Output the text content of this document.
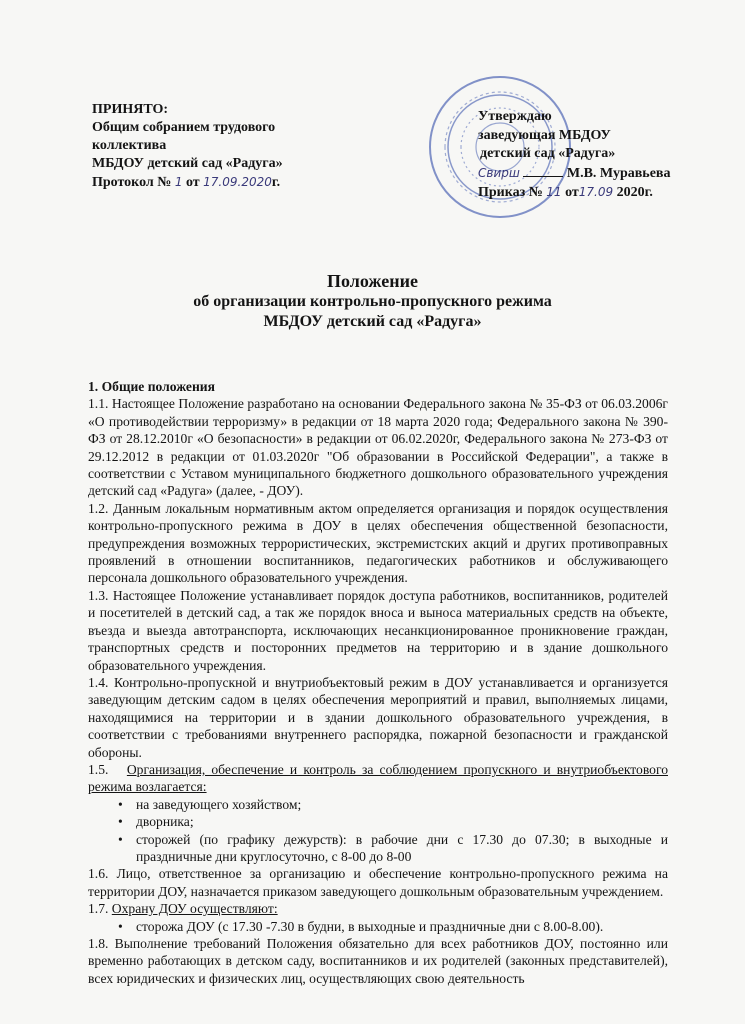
ПРИНЯТО:
Общим собранием трудового
коллектива
МБДОУ детский сад «Радуга»
Протокол № 1 от 17.09.2020г.
Утверждаю
заведующая МБДОУ
детский сад «Радуга»
Свирш	М.В. Муравьева
Приказ № 11 от17.09 2020г.
Положение
об организации контрольно-пропускного режима
МБДОУ детский сад «Радуга»

1. Общие положения

1.1. Настоящее Положение разработано на основании Федерального закона № 35-ФЗ от 06.03.2006г «О противодействии терроризму» в редакции от 18 марта 2020 года; Федерального закона № 390-ФЗ от 28.12.2010г «О безопасности» в редакции от 06.02.2020г, Федерального закона № 273-ФЗ от 29.12.2012 в редакции от 01.03.2020г "Об образовании в Российской Федерации", а также в соответствии с Уставом муниципального бюджетного дошкольного образовательного учреждения детский сад «Радуга» (далее, - ДОУ).

1.2. Данным локальным нормативным актом определяется организация и порядок осуществления контрольно-пропускного режима в ДОУ в целях обеспечения общественной безопасности, предупреждения возможных террористических, экстремистских акций и других противоправных проявлений в отношении воспитанников, педагогических работников и обслуживающего персонала дошкольного образовательного учреждения.

1.3. Настоящее Положение устанавливает порядок доступа работников, воспитанников, родителей и посетителей в детский сад, а так же порядок вноса и выноса материальных средств на объекте, въезда и выезда автотранспорта, исключающих несанкционированное проникновение граждан, транспортных средств и посторонних предметов на территорию и в здание дошкольного образовательного учреждения.

1.4. Контрольно-пропускной и внутриобъектовый режим в ДОУ устанавливается и организуется заведующим детским садом в целях обеспечения мероприятий и правил, выполняемых лицами, находящимися на территории и в здании дошкольного образовательного учреждения, в соответствии с требованиями внутреннего распорядка, пожарной безопасности и гражданской обороны.

1.5. Организация, обеспечение и контроль за соблюдением пропускного и внутриобъектового режима возлагается:

• на заведующего хозяйством;
• дворника;
• сторожей (по графику дежурств): в рабочие дни с 17.30 до 07.30; в выходные и праздничные дни круглосуточно, с 8-00 до 8-00

1.6. Лицо, ответственное за организацию и обеспечение контрольно-пропускного режима на территории ДОУ, назначается приказом заведующего дошкольным образовательным учреждением.

1.7. Охрану ДОУ осуществляют:

• сторожа ДОУ (с 17.30 -7.30 в будни, в выходные и праздничные дни с 8.00-8.00).

1.8. Выполнение требований Положения обязательно для всех работников ДОУ, постоянно или временно работающих в детском саду, воспитанников и их родителей (законных представителей), всех юридических и физических лиц, осуществляющих свою деятельность
